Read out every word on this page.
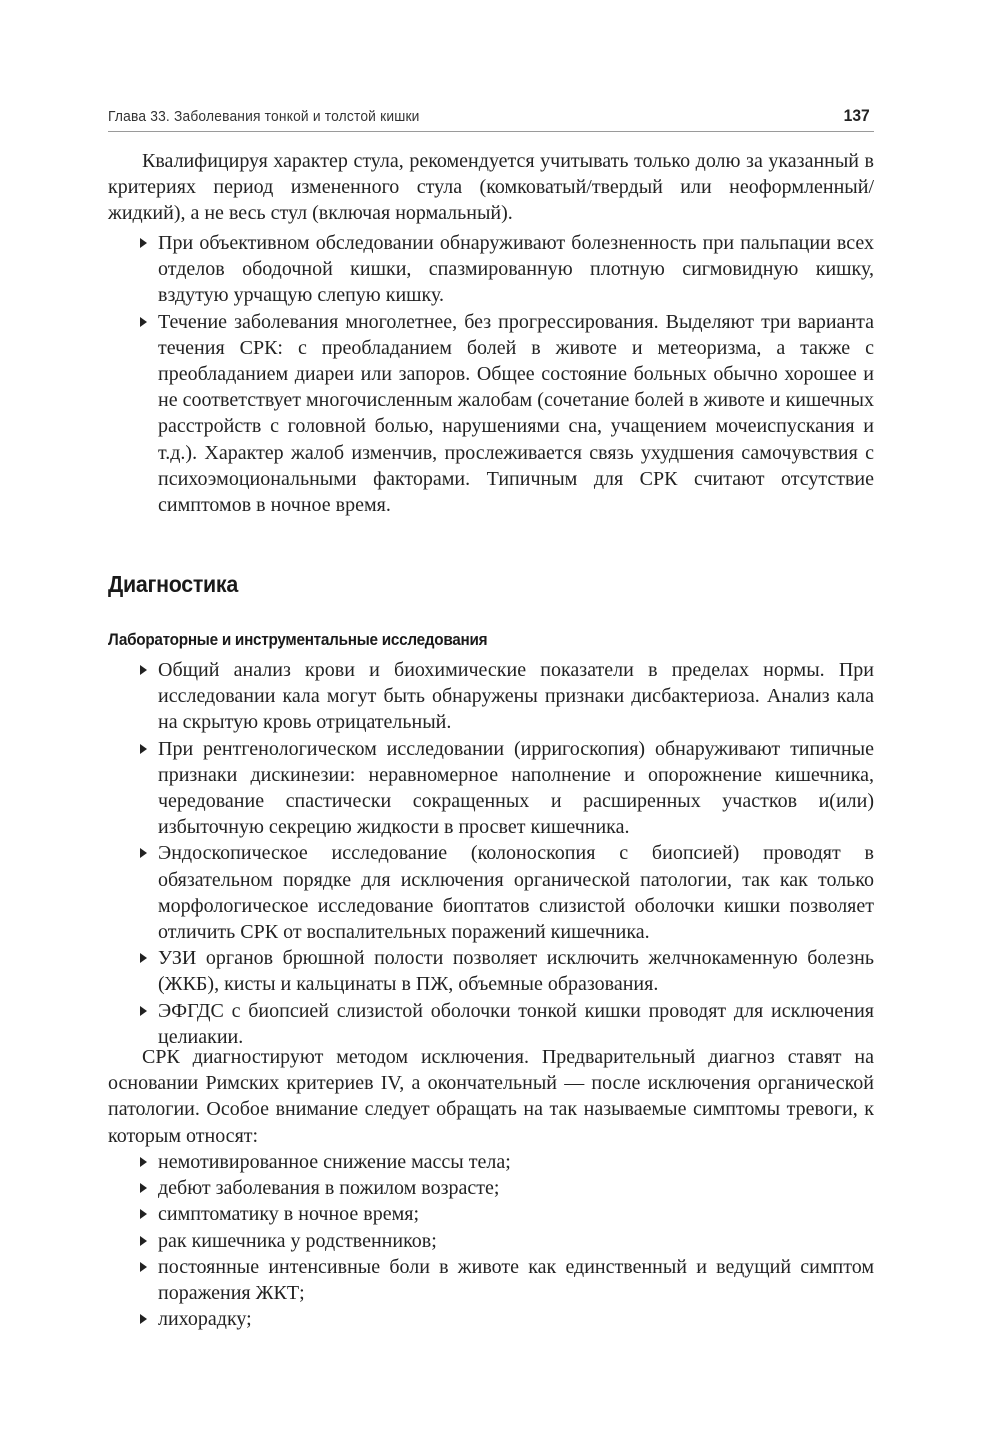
Глава 33. Заболевания тонкой и толстой кишки	137

Квалифицируя характер стула, рекомендуется учитывать только долю за указанный в критериях период измененного стула (комковатый/твердый или неоформленный/жидкий), а не весь стул (включая нормальный).

При объективном обследовании обнаруживают болезненность при пальпации всех отделов ободочной кишки, спазмированную плотную сигмовидную кишку, вздутую урчащую слепую кишку.
Течение заболевания многолетнее, без прогрессирования. Выделяют три варианта течения СРК: с преобладанием болей в животе и метеоризма, а также с преобладанием диареи или запоров. Общее состояние больных обычно хорошее и не соответствует многочисленным жалобам (сочетание болей в животе и кишечных расстройств с головной болью, нарушениями сна, учащением мочеиспускания и т.д.). Характер жалоб изменчив, прослеживается связь ухудшения самочувствия с психоэмоциональными факторами. Типичным для СРК считают отсутствие симптомов в ночное время.
Диагностика
Лабораторные и инструментальные исследования
Общий анализ крови и биохимические показатели в пределах нормы. При исследовании кала могут быть обнаружены признаки дисбактериоза. Анализ кала на скрытую кровь отрицательный.
При рентгенологическом исследовании (ирригоскопия) обнаруживают типичные признаки дискинезии: неравномерное наполнение и опорожнение кишечника, чередование спастически сокращенных и расширенных участков и(или) избыточную секрецию жидкости в просвет кишечника.
Эндоскопическое исследование (колоноскопия с биопсией) проводят в обязательном порядке для исключения органической патологии, так как только морфологическое исследование биоптатов слизистой оболочки кишки позволяет отличить СРК от воспалительных поражений кишечника.
УЗИ органов брюшной полости позволяет исключить желчнокаменную болезнь (ЖКБ), кисты и кальцинаты в ПЖ, объемные образования.
ЭФГДС с биопсией слизистой оболочки тонкой кишки проводят для исключения целиакии.

СРК диагностируют методом исключения. Предварительный диагноз ставят на основании Римских критериев IV, а окончательный — после исключения органической патологии. Особое внимание следует обращать на так называемые симптомы тревоги, к которым относят:

немотивированное снижение массы тела;
дебют заболевания в пожилом возрасте;
симптоматику в ночное время;
рак кишечника у родственников;
постоянные интенсивные боли в животе как единственный и ведущий симптом поражения ЖКТ;
лихорадку;
